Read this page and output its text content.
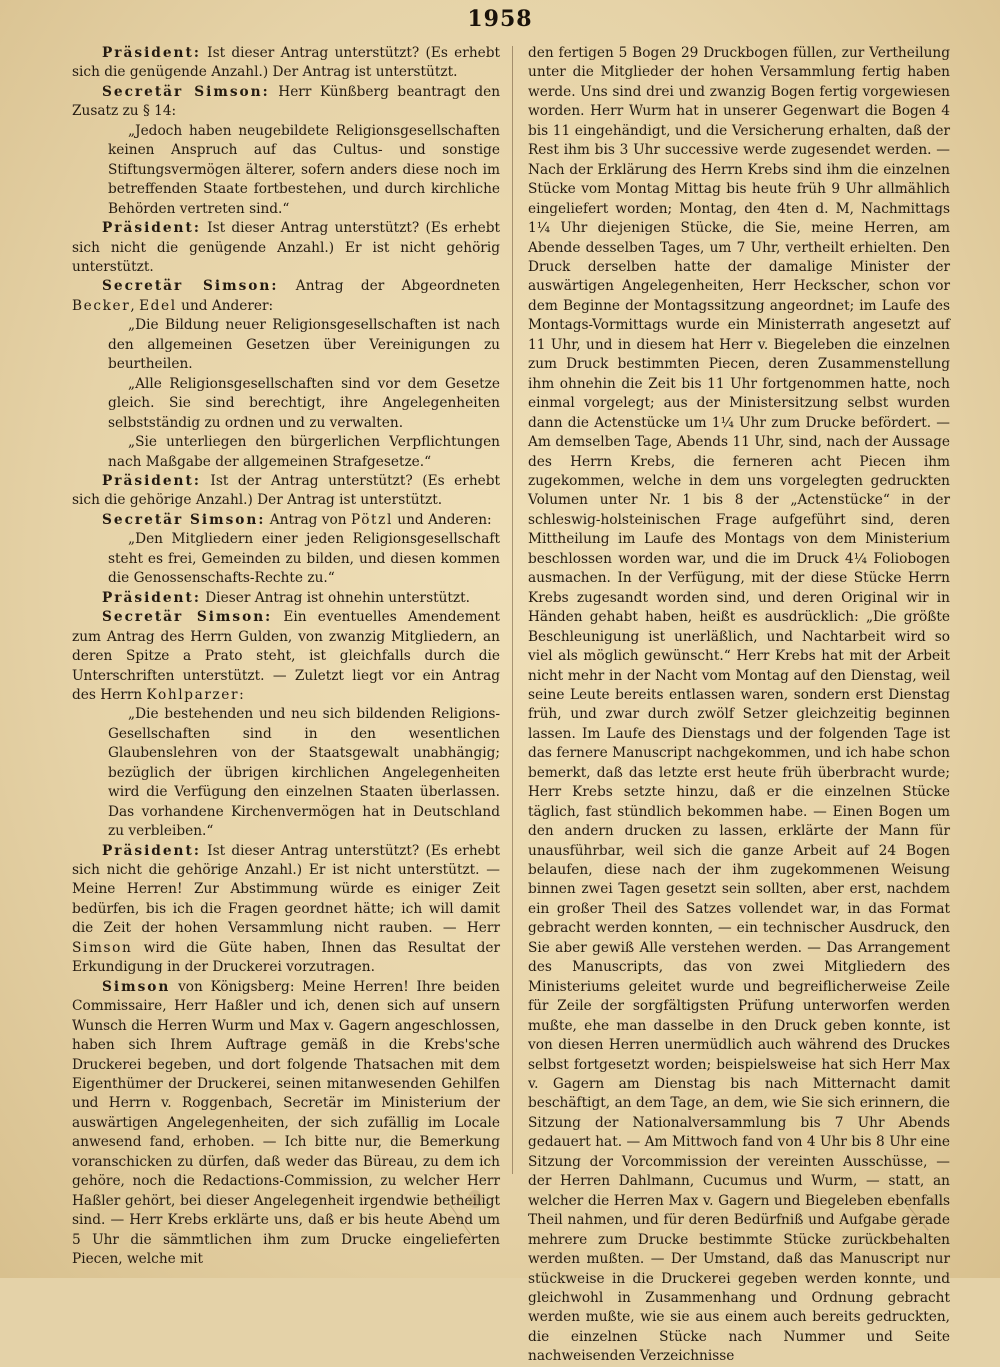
1958

Präsident: Ist dieser Antrag unterstützt? (Es erhebt sich die genügende Anzahl.) Der Antrag ist unterstützt.

Secretär Simson: Herr Künßberg beantragt den Zusatz zu § 14:

„Jedoch haben neugebildete Religionsgesellschaften keinen Anspruch auf das Cultus- und sonstige Stiftungsvermögen älterer, sofern anders diese noch im betreffenden Staate fortbestehen, und durch kirchliche Behörden vertreten sind.“

Präsident: Ist dieser Antrag unterstützt? (Es erhebt sich nicht die genügende Anzahl.) Er ist nicht gehörig unterstützt.

Secretär Simson: Antrag der Abgeordneten Becker, Edel und Anderer:

„Die Bildung neuer Religionsgesellschaften ist nach den allgemeinen Gesetzen über Vereinigungen zu beurtheilen.

„Alle Religionsgesellschaften sind vor dem Gesetze gleich. Sie sind berechtigt, ihre Angelegenheiten selbstständig zu ordnen und zu verwalten.

„Sie unterliegen den bürgerlichen Verpflichtungen nach Maßgabe der allgemeinen Strafgesetze.“

Präsident: Ist der Antrag unterstützt? (Es erhebt sich die gehörige Anzahl.) Der Antrag ist unterstützt.

Secretär Simson: Antrag von Pötzl und Anderen:

„Den Mitgliedern einer jeden Religionsgesellschaft steht es frei, Gemeinden zu bilden, und diesen kommen die Genossenschafts-Rechte zu.“

Präsident: Dieser Antrag ist ohnehin unterstützt.

Secretär Simson: Ein eventuelles Amendement zum Antrag des Herrn Gulden, von zwanzig Mitgliedern, an deren Spitze a Prato steht, ist gleichfalls durch die Unterschriften unterstützt. — Zuletzt liegt vor ein Antrag des Herrn Kohlparzer:

„Die bestehenden und neu sich bildenden Religions-Gesellschaften sind in den wesentlichen Glaubenslehren von der Staatsgewalt unabhängig; bezüglich der übrigen kirchlichen Angelegenheiten wird die Verfügung den einzelnen Staaten überlassen. Das vorhandene Kirchenvermögen hat in Deutschland zu verbleiben.“

Präsident: Ist dieser Antrag unterstützt? (Es erhebt sich nicht die gehörige Anzahl.) Er ist nicht unterstützt. — Meine Herren! Zur Abstimmung würde es einiger Zeit bedürfen, bis ich die Fragen geordnet hätte; ich will damit die Zeit der hohen Versammlung nicht rauben. — Herr Simson wird die Güte haben, Ihnen das Resultat der Erkundigung in der Druckerei vorzutragen.

Simson von Königsberg: Meine Herren! Ihre beiden Commissaire, Herr Haßler und ich, denen sich auf unsern Wunsch die Herren Wurm und Max v. Gagern angeschlossen, haben sich Ihrem Auftrage gemäß in die Krebs'sche Druckerei begeben, und dort folgende Thatsachen mit dem Eigenthümer der Druckerei, seinen mitanwesenden Gehilfen und Herrn v. Roggenbach, Secretär im Ministerium der auswärtigen Angelegenheiten, der sich zufällig im Locale anwesend fand, erhoben. — Ich bitte nur, die Bemerkung voranschicken zu dürfen, daß weder das Büreau, zu dem ich gehöre, noch die Redactions-Commission, zu welcher Herr Haßler gehört, bei dieser Angelegenheit irgendwie betheiligt sind. — Herr Krebs erklärte uns, daß er bis heute Abend um 5 Uhr die sämmtlichen ihm zum Drucke eingelieferten Piecen, welche mit

den fertigen 5 Bogen 29 Druckbogen füllen, zur Vertheilung unter die Mitglieder der hohen Versammlung fertig haben werde. Uns sind drei und zwanzig Bogen fertig vorgewiesen worden. Herr Wurm hat in unserer Gegenwart die Bogen 4 bis 11 eingehändigt, und die Versicherung erhalten, daß der Rest ihm bis 3 Uhr successive werde zugesendet werden. — Nach der Erklärung des Herrn Krebs sind ihm die einzelnen Stücke vom Montag Mittag bis heute früh 9 Uhr allmählich eingeliefert worden; Montag, den 4ten d. M, Nachmittags 1¼ Uhr diejenigen Stücke, die Sie, meine Herren, am Abende desselben Tages, um 7 Uhr, vertheilt erhielten. Den Druck derselben hatte der damalige Minister der auswärtigen Angelegenheiten, Herr Heckscher, schon vor dem Beginne der Montagssitzung angeordnet; im Laufe des Montags-Vormittags wurde ein Ministerrath angesetzt auf 11 Uhr, und in diesem hat Herr v. Biegeleben die einzelnen zum Druck bestimmten Piecen, deren Zusammenstellung ihm ohnehin die Zeit bis 11 Uhr fortgenommen hatte, noch einmal vorgelegt; aus der Ministersitzung selbst wurden dann die Actenstücke um 1¼ Uhr zum Drucke befördert. — Am demselben Tage, Abends 11 Uhr, sind, nach der Aussage des Herrn Krebs, die ferneren acht Piecen ihm zugekommen, welche in dem uns vorgelegten gedruckten Volumen unter Nr. 1 bis 8 der „Actenstücke“ in der schleswig-holsteinischen Frage aufgeführt sind, deren Mittheilung im Laufe des Montags von dem Ministerium beschlossen worden war, und die im Druck 4¼ Foliobogen ausmachen. In der Verfügung, mit der diese Stücke Herrn Krebs zugesandt worden sind, und deren Original wir in Händen gehabt haben, heißt es ausdrücklich: „Die größte Beschleunigung ist unerläßlich, und Nachtarbeit wird so viel als möglich gewünscht.“ Herr Krebs hat mit der Arbeit nicht mehr in der Nacht vom Montag auf den Dienstag, weil seine Leute bereits entlassen waren, sondern erst Dienstag früh, und zwar durch zwölf Setzer gleichzeitig beginnen lassen. Im Laufe des Dienstags und der folgenden Tage ist das fernere Manuscript nachgekommen, und ich habe schon bemerkt, daß das letzte erst heute früh überbracht wurde; Herr Krebs setzte hinzu, daß er die einzelnen Stücke täglich, fast stündlich bekommen habe. — Einen Bogen um den andern drucken zu lassen, erklärte der Mann für unausführbar, weil sich die ganze Arbeit auf 24 Bogen belaufen, diese nach der ihm zugekommenen Weisung binnen zwei Tagen gesetzt sein sollten, aber erst, nachdem ein großer Theil des Satzes vollendet war, in das Format gebracht werden konnten, — ein technischer Ausdruck, den Sie aber gewiß Alle verstehen werden. — Das Arrangement des Manuscripts, das von zwei Mitgliedern des Ministeriums geleitet wurde und begreiflicherweise Zeile für Zeile der sorgfältigsten Prüfung unterworfen werden mußte, ehe man dasselbe in den Druck geben konnte, ist von diesen Herren unermüdlich auch während des Druckes selbst fortgesetzt worden; beispielsweise hat sich Herr Max v. Gagern am Dienstag bis nach Mitternacht damit beschäftigt, an dem Tage, an dem, wie Sie sich erinnern, die Sitzung der Nationalversammlung bis 7 Uhr Abends gedauert hat. — Am Mittwoch fand von 4 Uhr bis 8 Uhr eine Sitzung der Vorcommission der vereinten Ausschüsse, — der Herren Dahlmann, Cucumus und Wurm, — statt, an welcher die Herren Max v. Gagern und Biegeleben ebenfalls Theil nahmen, und für deren Bedürfniß und Aufgabe gerade mehrere zum Drucke bestimmte Stücke zurückbehalten werden mußten. — Der Umstand, daß das Manuscript nur stückweise in die Druckerei gegeben werden konnte, und gleichwohl in Zusammenhang und Ordnung gebracht werden mußte, wie sie aus einem auch bereits gedruckten, die einzelnen Stücke nach Nummer und Seite nachweisenden Verzeichnisse
